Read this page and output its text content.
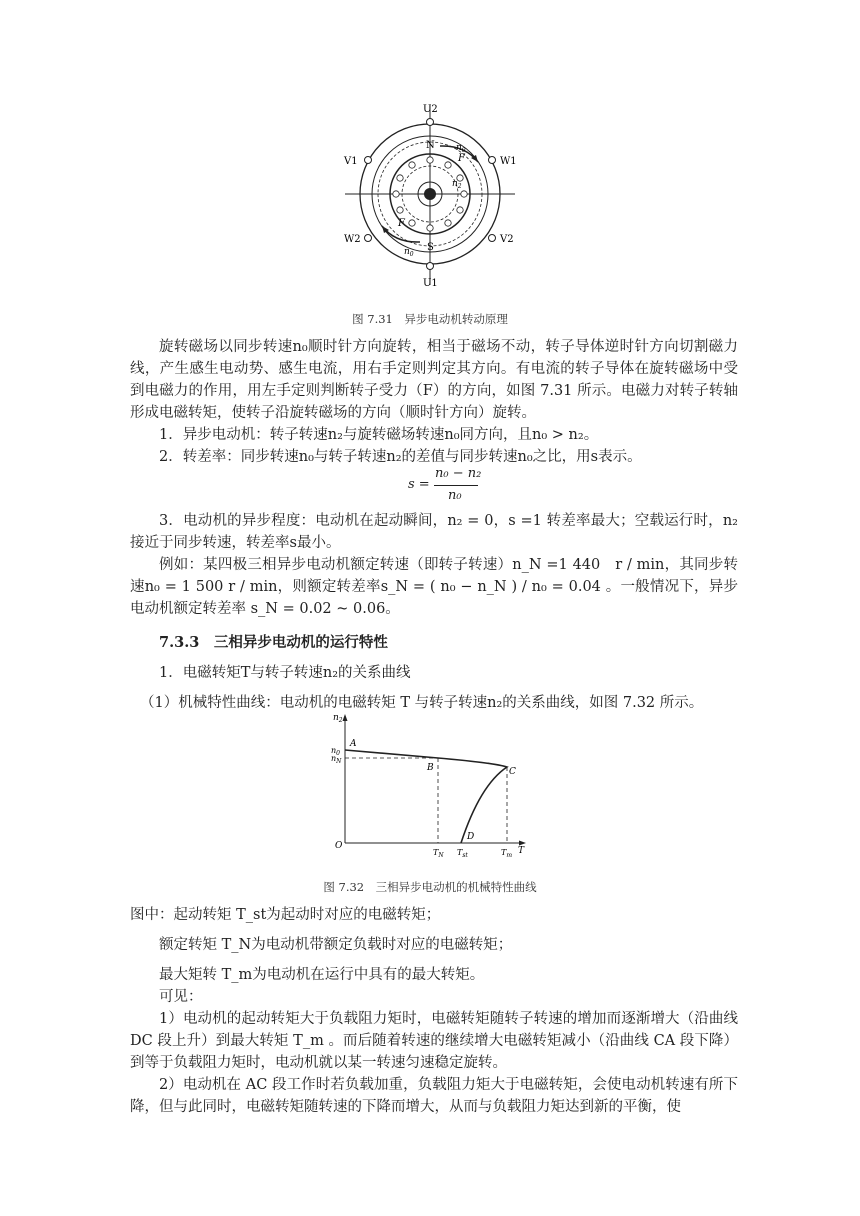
U2
U1
V1	W1
W2	V2
N
S
F
F
$n_0$
$n_0$
$n_2$
图 7.31　异步电动机转动原理

旋转磁场以同步转速n₀顺时针方向旋转，相当于磁场不动，转子导体逆时针方向切割磁力线，产生感生电动势、感生电流，用右手定则判定其方向。有电流的转子导体在旋转磁场中受到电磁力的作用，用左手定则判断转子受力（F）的方向，如图 7.31 所示。电磁力对转子转轴形成电磁转矩，使转子沿旋转磁场的方向（顺时针方向）旋转。

1．异步电动机：转子转速n₂与旋转磁场转速n₀同方向，且n₀ > n₂。

2．转差率：同步转速n₀与转子转速n₂的差值与同步转速n₀之比，用s表示。

s =
n₀ − n₂
n₀

3．电动机的异步程度：电动机在起动瞬间，n₂ = 0，s =1 转差率最大；空载运行时，n₂接近于同步转速，转差率s最小。

例如：某四极三相异步电动机额定转速（即转子转速）n_N =1 440　r / min，其同步转速n₀ = 1 500 r / min，则额定转差率s_N = ( n₀ − n_N ) / n₀ = 0.04 。一般情况下，异步电动机额定转差率 s_N = 0.02 ~ 0.06。

7.3.3　三相异步电动机的运行特性

1．电磁转矩T与转子转速n₂的关系曲线

（1）机械特性曲线：电动机的电磁转矩 T 与转子转速n₂的关系曲线，如图 7.32 所示。

$n_2$
T
A
B	C
D
O
$n_0$
$n_N$
$T_N$ $T_{st}$	$T_m$
图 7.32　三相异步电动机的机械特性曲线

图中：起动转矩 T_st为起动时对应的电磁转矩；

额定转矩 T_N为电动机带额定负载时对应的电磁转矩；

最大矩转 T_m为电动机在运行中具有的最大转矩。

可见：

1）电动机的起动转矩大于负载阻力矩时，电磁转矩随转子转速的增加而逐渐增大（沿曲线 DC 段上升）到最大转矩 T_m 。而后随着转速的继续增大电磁转矩减小（沿曲线 CA 段下降）到等于负载阻力矩时，电动机就以某一转速匀速稳定旋转。

2）电动机在 AC 段工作时若负载加重，负载阻力矩大于电磁转矩，会使电动机转速有所下降，但与此同时，电磁转矩随转速的下降而增大，从而与负载阻力矩达到新的平衡，使
